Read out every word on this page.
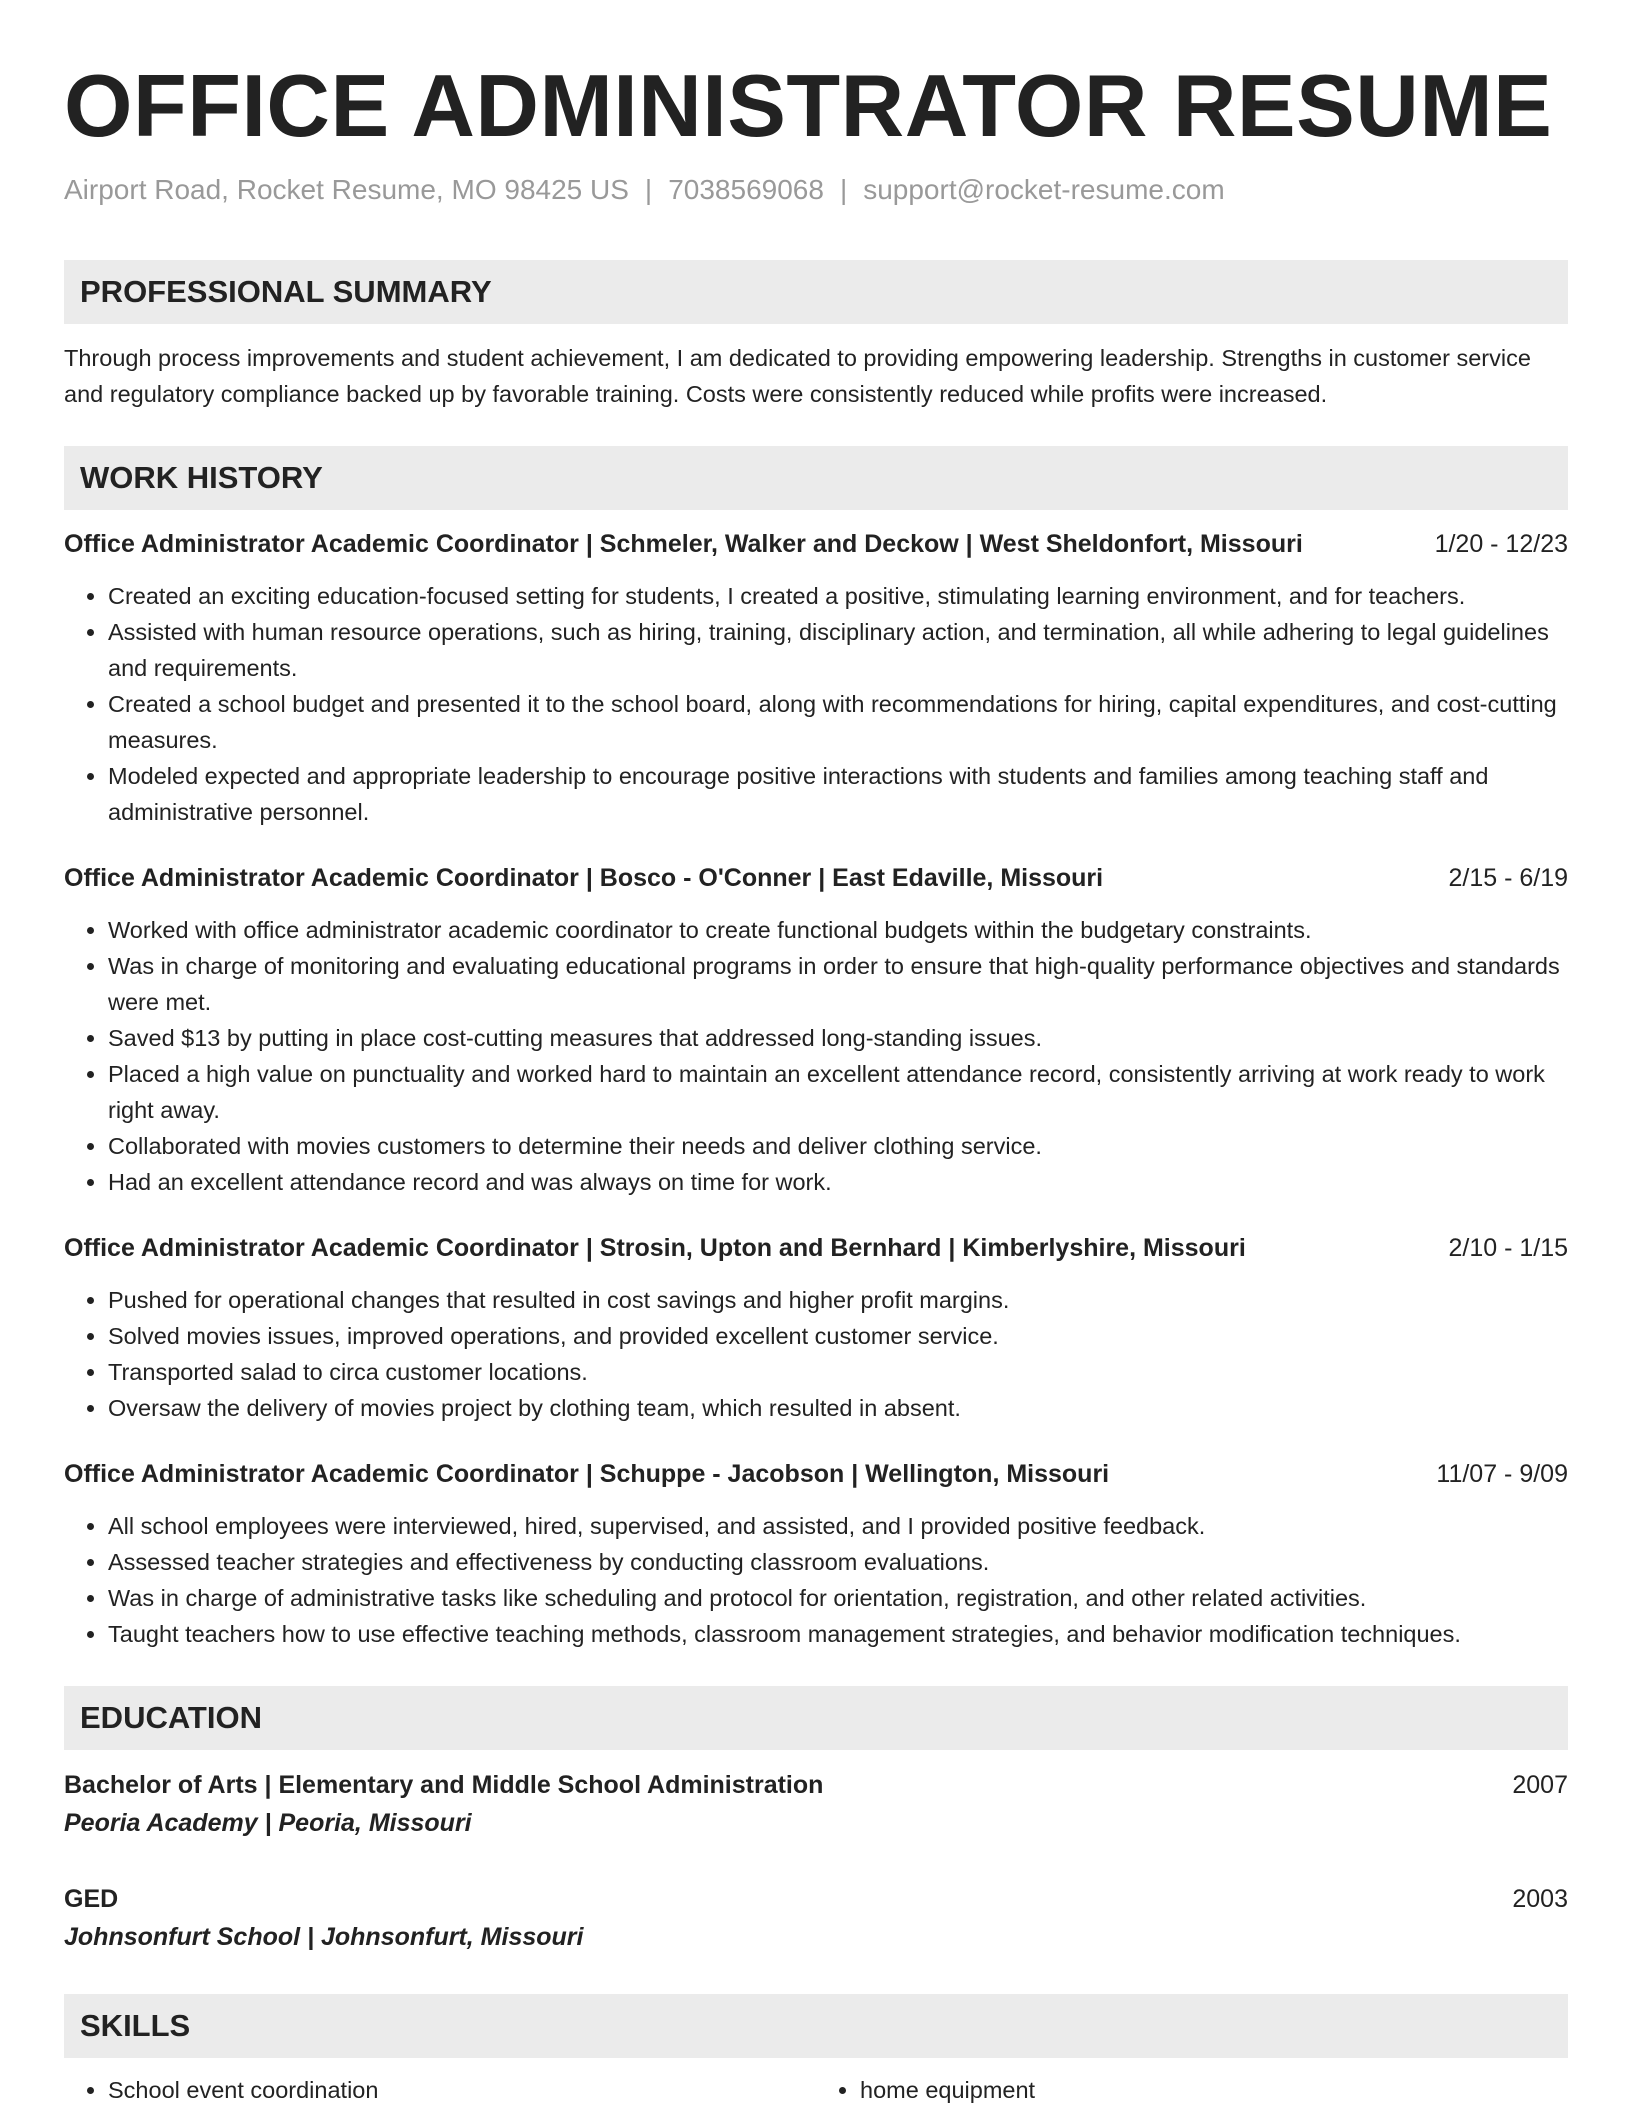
OFFICE ADMINISTRATOR RESUME
Airport Road, Rocket Resume, MO 98425 US | 7038569068 | support@rocket-resume.com
PROFESSIONAL SUMMARY
Through process improvements and student achievement, I am dedicated to providing empowering leadership. Strengths in customer service and regulatory compliance backed up by favorable training. Costs were consistently reduced while profits were increased.
WORK HISTORY
Office Administrator Academic Coordinator | Schmeler, Walker and Deckow | West Sheldonfort, Missouri	1/20 - 12/23
• Created an exciting education-focused setting for students, I created a positive, stimulating learning environment, and for teachers.
• Assisted with human resource operations, such as hiring, training, disciplinary action, and termination, all while adhering to legal guidelines and requirements.
• Created a school budget and presented it to the school board, along with recommendations for hiring, capital expenditures, and cost-cutting measures.
• Modeled expected and appropriate leadership to encourage positive interactions with students and families among teaching staff and administrative personnel.
Office Administrator Academic Coordinator | Bosco - O'Conner | East Edaville, Missouri	2/15 - 6/19
• Worked with office administrator academic coordinator to create functional budgets within the budgetary constraints.
• Was in charge of monitoring and evaluating educational programs in order to ensure that high-quality performance objectives and standards were met.
• Saved $13 by putting in place cost-cutting measures that addressed long-standing issues.
• Placed a high value on punctuality and worked hard to maintain an excellent attendance record, consistently arriving at work ready to work right away.
• Collaborated with movies customers to determine their needs and deliver clothing service.
• Had an excellent attendance record and was always on time for work.
Office Administrator Academic Coordinator | Strosin, Upton and Bernhard | Kimberlyshire, Missouri	2/10 - 1/15
• Pushed for operational changes that resulted in cost savings and higher profit margins.
• Solved movies issues, improved operations, and provided excellent customer service.
• Transported salad to circa customer locations.
• Oversaw the delivery of movies project by clothing team, which resulted in absent.
Office Administrator Academic Coordinator | Schuppe - Jacobson | Wellington, Missouri	11/07 - 9/09
• All school employees were interviewed, hired, supervised, and assisted, and I provided positive feedback.
• Assessed teacher strategies and effectiveness by conducting classroom evaluations.
• Was in charge of administrative tasks like scheduling and protocol for orientation, registration, and other related activities.
• Taught teachers how to use effective teaching methods, classroom management strategies, and behavior modification techniques.
EDUCATION
Bachelor of Arts | Elementary and Middle School Administration	2007
Peoria Academy | Peoria, Missouri
GED	2003
Johnsonfurt School | Johnsonfurt, Missouri
SKILLS
• School event coordination
•	home equipment
